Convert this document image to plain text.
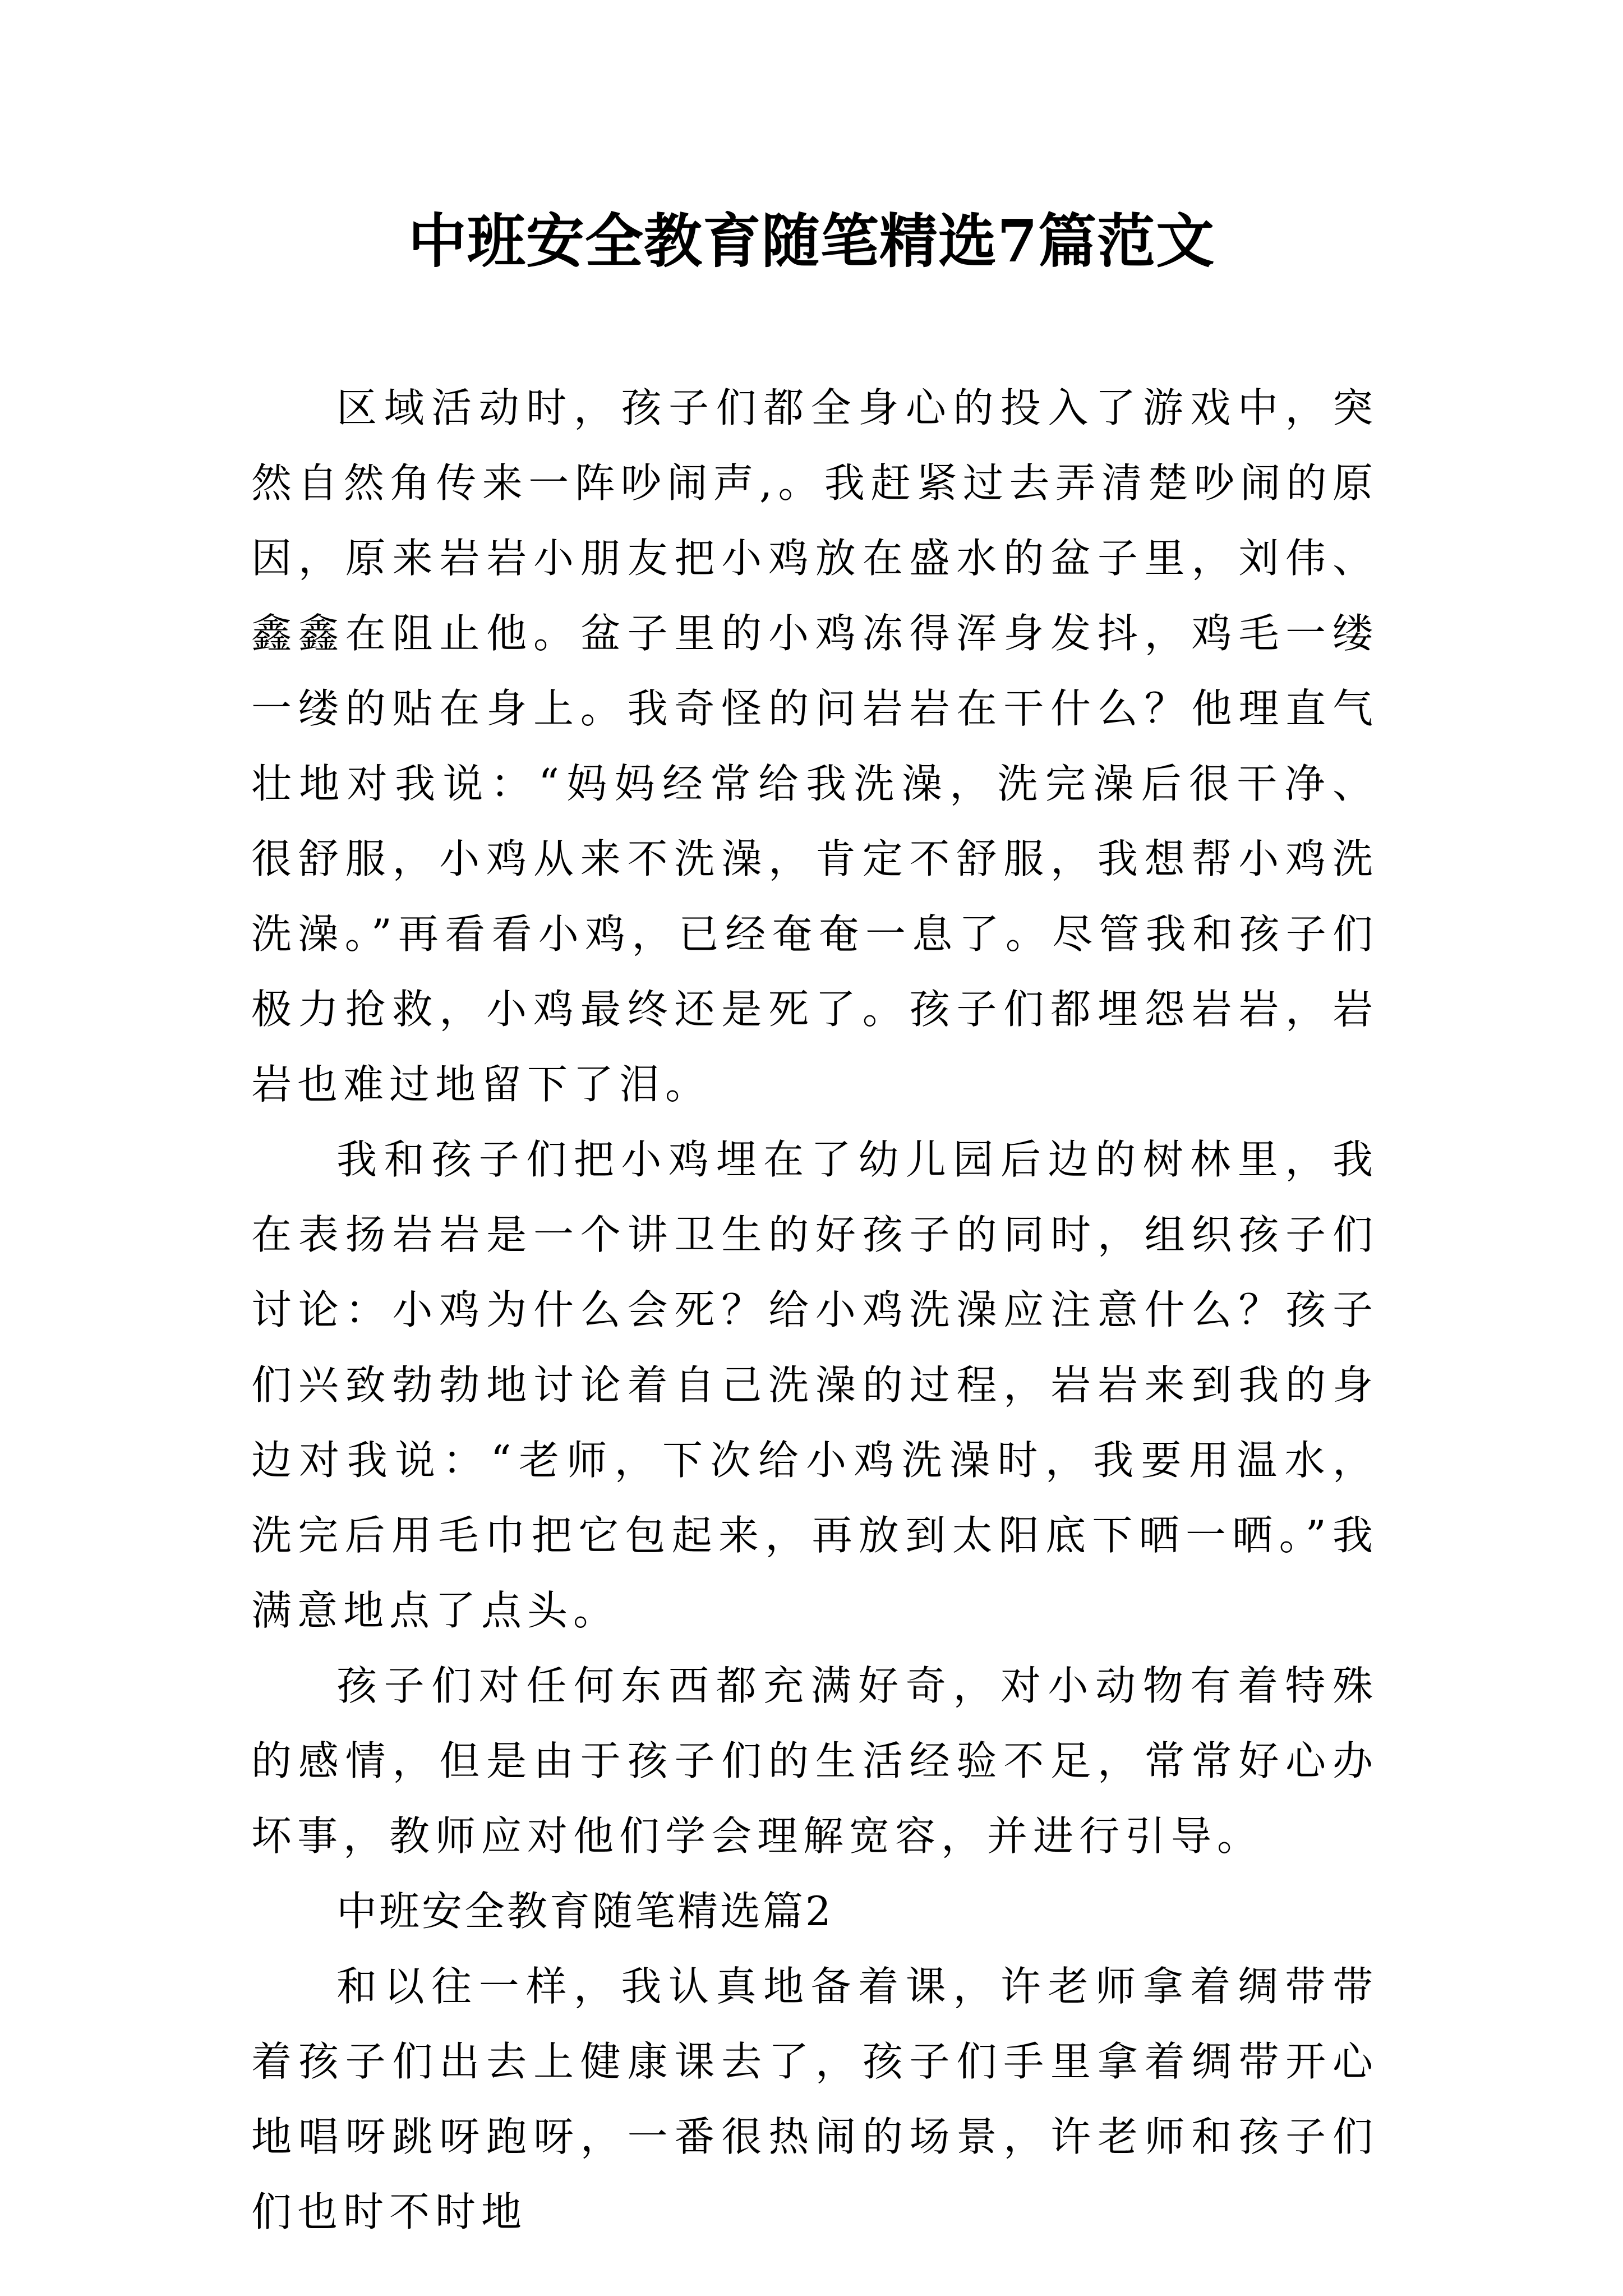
中班安全教育随笔精选7篇范文

区域活动时，孩子们都全身心的投入了游戏中，突然自然角传来一阵吵闹声,。我赶紧过去弄清楚吵闹的原因，原来岩岩小朋友把小鸡放在盛水的盆子里，刘伟、鑫鑫在阻止他。盆子里的小鸡冻得浑身发抖，鸡毛一缕一缕的贴在身上。我奇怪的问岩岩在干什么？他理直气壮地对我说：“妈妈经常给我洗澡，洗完澡后很干净、很舒服，小鸡从来不洗澡，肯定不舒服，我想帮小鸡洗洗澡。”再看看小鸡，已经奄奄一息了。尽管我和孩子们极力抢救，小鸡最终还是死了。孩子们都埋怨岩岩，岩岩也难过地留下了泪。

我和孩子们把小鸡埋在了幼儿园后边的树林里，我在表扬岩岩是一个讲卫生的好孩子的同时，组织孩子们讨论：小鸡为什么会死？给小鸡洗澡应注意什么？孩子们兴致勃勃地讨论着自己洗澡的过程，岩岩来到我的身边对我说：“老师，下次给小鸡洗澡时，我要用温水，洗完后用毛巾把它包起来，再放到太阳底下晒一晒。”我满意地点了点头。

孩子们对任何东西都充满好奇，对小动物有着特殊的感情，但是由于孩子们的生活经验不足，常常好心办坏事，教师应对他们学会理解宽容，并进行引导。

中班安全教育随笔精选篇2

和以往一样，我认真地备着课，许老师拿着绸带带着孩子们出去上健康课去了，孩子们手里拿着绸带开心地唱呀跳呀跑呀，一番很热闹的场景，许老师和孩子们们也时不时地
